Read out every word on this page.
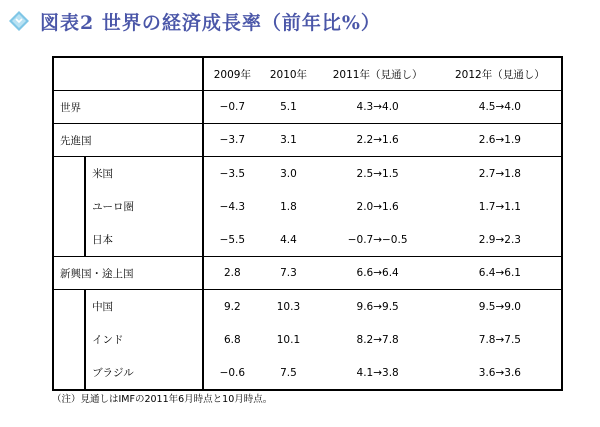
図表2 世界の経済成長率（前年比%）
		2009年	2010年	2011年（見通し）	2012年（見通し）
世界		−0.7	5.1	4.3→4.0	4.5→4.0
先進国		−3.7	3.1	2.2→1.6	2.6→1.9
	米国	−3.5	3.0	2.5→1.5	2.7→1.8
	ユーロ圏	−4.3	1.8	2.0→1.6	1.7→1.1
	日本	−5.5	4.4	−0.7→−0.5	2.9→2.3
新興国・途上国		2.8	7.3	6.6→6.4	6.4→6.1
	中国	9.2	10.3	9.6→9.5	9.5→9.0
	インド	6.8	10.1	8.2→7.8	7.8→7.5
	ブラジル	−0.6	7.5	4.1→3.8	3.6→3.6
（注）見通しはIMFの2011年6月時点と10月時点。
